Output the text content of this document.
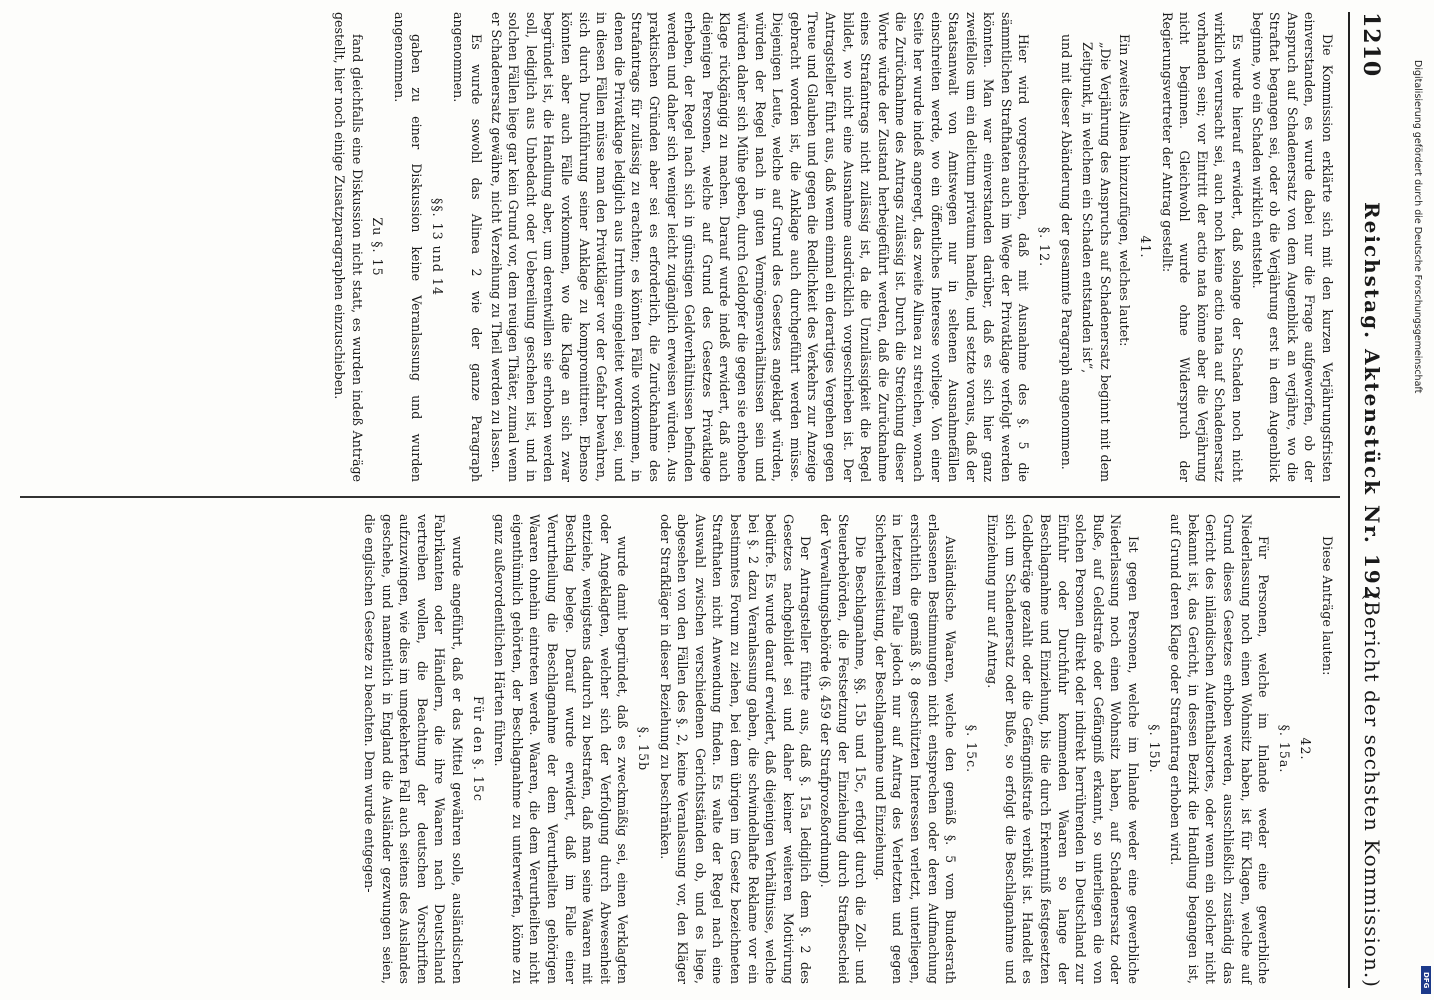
1210
Reichstag. Aktenstück Nr. 192.
(Bericht der sechsten Kommission.)

Die Kommission erklärte sich mit den kurzen Verjährungsfristen einverstanden, es wurde dabei nur die Frage aufgeworfen, ob der Anspruch auf Schadenersatz von dem Augenblick an verjähre, wo die Straftat begangen sei, oder ob die Verjährung erst in dem Augenblick beginne, wo ein Schaden wirklich entsteht.

Es wurde hierauf erwidert, daß solange der Schaden noch nicht wirklich verursacht sei, auch noch keine actio nata auf Schadenersatz vorhanden sein; vor Eintritt der actio nata könne aber die Verjährung nicht beginnen. Gleichwohl wurde ohne Widerspruch der Regierungsvertreter der Antrag gestellt:

41.

Ein zweites Alinea hinzuzufügen, welches lautet:

„Die Verjährung des Anspruchs auf Schadenersatz beginnt mit dem Zeitpunkt, in welchem ein Schaden entstanden ist“,

und mit dieser Abänderung der gesammte Paragraph angenommen.

§. 12.

Hier wird vorgeschrieben, daß mit Ausnahme des §. 5 die sämmtlichen Strafthaten auch im Wege der Privatklage verfolgt werden könnten. Man war einverstanden darüber, daß es sich hier ganz zweifellos um ein delictum privatum handle, und setzte voraus, daß der Staatsanwalt von Amtswegen nur in seltenen Ausnahmefällen einschreiten werde, wo ein öffentliches Interesse vorliege. Von einer Seite her wurde indeß angeregt, das zweite Alinea zu streichen, wonach die Zurücknahme des Antrags zulässig ist. Durch die Streichung dieser Worte würde der Zustand herbeigeführt werden, daß die Zurücknahme eines Strafantrags nicht zulässig ist, da die Unzulässigkeit die Regel bildet, wo nicht eine Ausnahme ausdrücklich vorgeschrieben ist. Der Antragsteller führt aus, daß wenn einmal ein derartiges Vergehen gegen Treue und Glauben und gegen die Redlichkeit des Verkehrs zur Anzeige gebracht worden ist, die Anklage auch durchgeführt werden müsse. Diejenigen Leute, welche auf Grund des Gesetzes angeklagt würden, würden der Regel nach in guten Vermögensverhältnissen sein und würden daher sich Mühe geben, durch Geldopfer die gegen sie erhobene Klage rückgängig zu machen. Darauf wurde indeß erwidert, daß auch diejenigen Personen, welche auf Grund des Gesetzes Privatklage erheben, der Regel nach sich in günstigen Geldverhältnissen befinden werden und daher sich weniger leicht zugänglich erweisen würden. Aus praktischen Gründen aber sei es erforderlich, die Zurücknahme des Strafantrags für zulässig zu erachten; es könnten Fälle vorkommen, in denen die Privatklage lediglich aus Irrthum eingeleitet worden sei, und in diesen Fällen müsse man den Privatkläger vor der Gefahr bewahren, sich durch Durchführung seiner Anklage zu kompromittiren. Ebenso könnten aber auch Fälle vorkommen, wo die Klage an sich zwar begründet ist, die Handlung aber, um derentwillen sie erhoben werden soll, lediglich aus Unbedacht oder Uebereilung geschehen ist, und in solchen Fällen liege gar kein Grund vor, dem reuigen Thäter, zumal wenn er Schadenersatz gewähre, nicht Verzeihung zu Theil werden zu lassen.

Es wurde sowohl das Alinea 2 wie der ganze Paragraph angenommen.

§§. 13 und 14

gaben zu einer Diskussion keine Veranlassung und wurden angenommen.

Zu §. 15

fand gleichfalls eine Diskussion nicht statt, es wurden indeß Anträge gestellt, hier noch einige Zusatzparagraphen einzuschieben.

Diese Anträge lauten:

42.

§. 15a.

Für Personen, welche im Inlande weder eine gewerbliche Niederlassung noch einen Wohnsitz haben, ist für Klagen, welche auf Grund dieses Gesetzes erhoben werden, ausschließlich zuständig das Gericht des inländischen Aufenthaltsortes, oder wenn ein solcher nicht bekannt ist, das Gericht, in dessen Bezirk die Handlung begangen ist, auf Grund deren Klage oder Strafantrag erhoben wird.

§. 15b.

Ist gegen Personen, welche im Inlande weder eine gewerbliche Niederlassung noch einen Wohnsitz haben, auf Schadenersatz oder Buße, auf Geldstrafe oder Gefängniß erkannt, so unterliegen die von solchen Personen direkt oder indirekt herrührenden in Deutschland zur Einfuhr oder Durchfuhr kommenden Waaren so lange der Beschlagnahme und Einziehung, bis die durch Erkenntniß festgesetzten Geldbeträge gezahlt oder die Gefängnißstrafe verbüßt ist. Handelt es sich um Schadenersatz oder Buße, so erfolgt die Beschlagnahme und Einziehung nur auf Antrag.

§. 15c.

Ausländische Waaren, welche den gemäß §. 5 vom Bundesrath erlassenen Bestimmungen nicht entsprechen oder deren Aufmachung ersichtlich die gemäß §. 8 geschützten Interessen verletzt, unterliegen, in letzterem Falle jedoch nur auf Antrag des Verletzten und gegen Sicherheitsleistung, der Beschlagnahme und Einziehung.

Die Beschlagnahme, §§. 15b und 15c, erfolgt durch die Zoll- und Steuerbehörden, die Festsetzung der Einziehung durch Strafbescheid der Verwaltungsbehörde (§. 459 der Strafprozeßordnung).

Der Antragsteller führte aus, daß §. 15a lediglich dem §. 2 des Gesetzes nachgebildet sei und daher keiner weiteren Motivirung bedürfe. Es wurde darauf erwidert, daß diejenigen Verhältnisse, welche bei §. 2 dazu Veranlassung gaben, die schwindelhafte Reklame vor ein bestimmtes Forum zu ziehen, bei dem übrigen im Gesetz bezeichneten Strafthaten nicht Anwendung finden. Es walte der Regel nach eine Auswahl zwischen verschiedenen Gerichtsständen ob, und es liege, abgesehen von den Fällen des §. 2, keine Veranlassung vor, den Kläger oder Strafkläger in dieser Beziehung zu beschränken.

§. 15b

wurde damit begründet, daß es zweckmäßig sei, einen Verklagten oder Angeklagten, welcher sich der Verfolgung durch Abwesenheit entziehe, wenigstens dadurch zu bestrafen, daß man seine Waaren mit Beschlag belege. Darauf wurde erwidert, daß im Falle einer Verurtheilung die Beschlagnahme der dem Verurtheilten gehörigen Waaren ohnehin eintreten werde. Waaren, die dem Verurtheilten nicht eigenthümlich gehörten, der Beschlagnahme zu unterwerfen, könne zu ganz außerordentlichen Härten führen.

Für den §. 15c

wurde angeführt, daß er das Mittel gewähren solle, ausländischen Fabrikanten oder Händlern, die ihre Waaren nach Deutschland vertreiben wollen, die Beachtung der deutschen Vorschriften aufzuzwingen, wie dies im umgekehrten Fall auch seitens des Auslandes geschehe, und namentlich in England die Ausländer gezwungen seien, die englischen Gesetze zu beachten. Dem wurde entgegen-

Digitalisierung gefördert durch die Deutsche Forschungsgemeinschaft
DFG
